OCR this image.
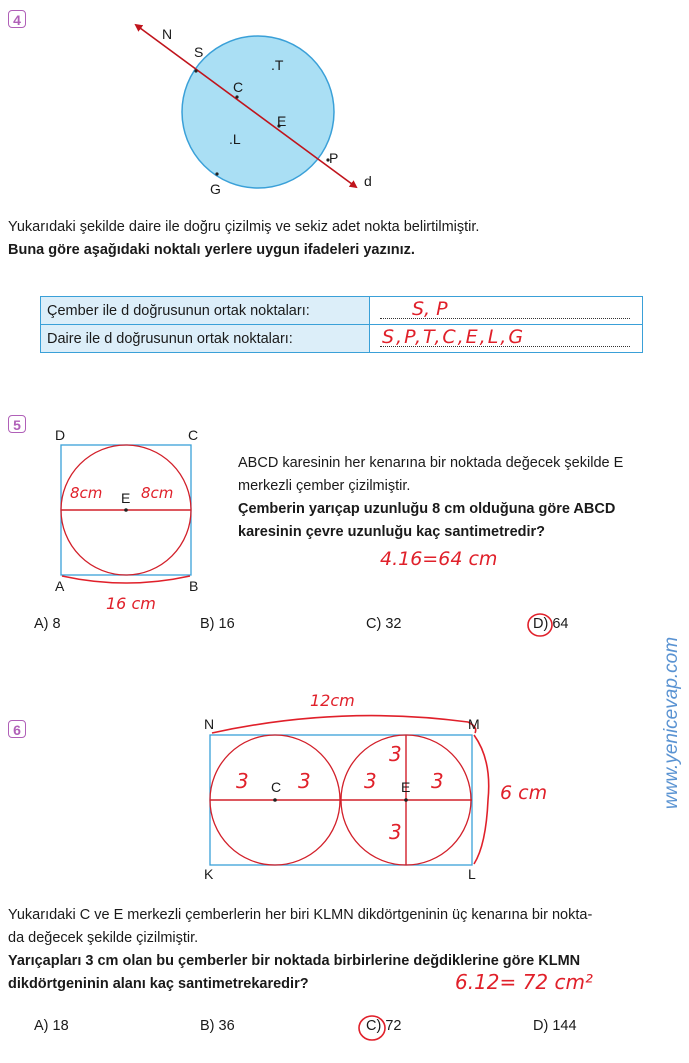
4
N
S
.T
C
E
.L
P
G	d
Yukarıdaki şekilde daire ile doğru çizilmiş ve sekiz adet nokta belirtilmiştir.
Buna göre aşağıdaki noktalı yerlere uygun ifadeleri yazınız.
Çember ile d doğrusunun ortak noktaları:	S, P

Daire ile d doğrusunun ortak noktaları:	S,P,T,C,E,L,G
5
D	C
A	B
E
8cm	8cm
16 cm
ABCD karesinin her kenarına bir noktada değecek şekilde E
merkezli çember çizilmiştir.
Çemberin yarıçap uzunluğu 8 cm olduğuna göre ABCD
karesinin çevre uzunluğu kaç santimetredir?
4.16=64 cm
A) 8	B) 16	C) 32	D) 64
6	N	M
K	L
C	E
12cm
6 cm
3 3	3	3
3
3
Yukarıdaki C ve E merkezli çemberlerin her biri KLMN dikdörtgeninin üç kenarına bir nokta-
da değecek şekilde çizilmiştir.
Yarıçapları 3 cm olan bu çemberler bir noktada birbirlerine değdiklerine göre KLMN
dikdörtgeninin alanı kaç santimetrekaredir?	6.12= 72 cm²
A) 18	B) 36	C) 72	D) 144
www.yenicevap.com
